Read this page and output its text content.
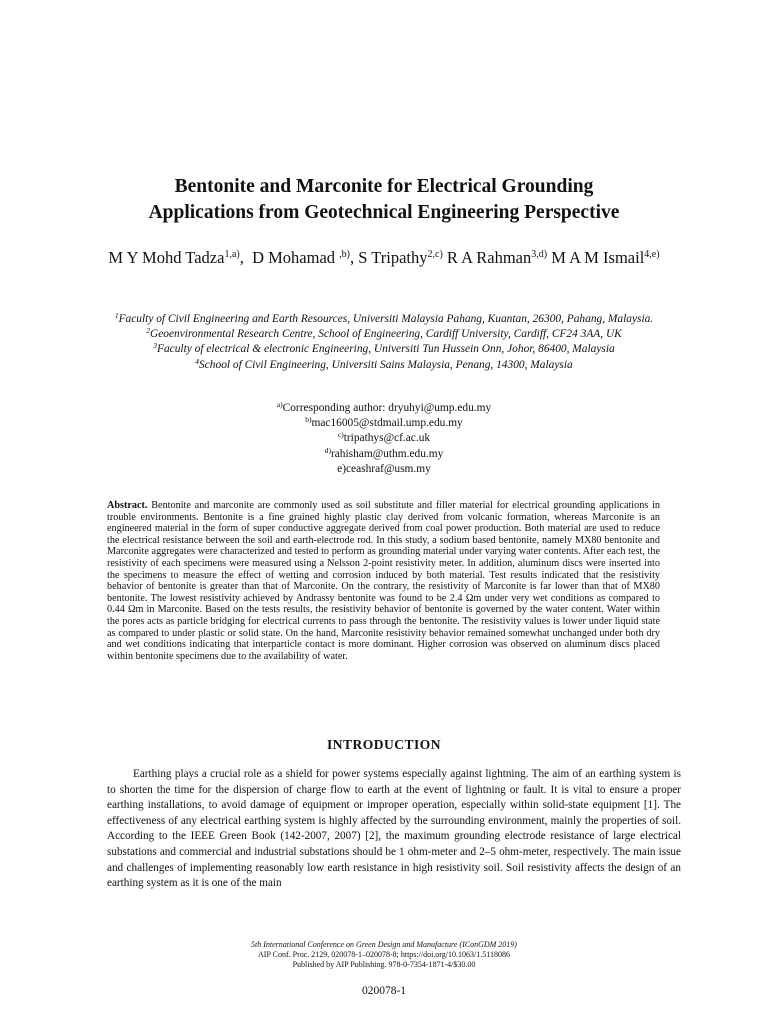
Bentonite and Marconite for Electrical Grounding
Applications from Geotechnical Engineering Perspective
M Y Mohd Tadza$^{1,a)}$,  D Mohamad $^{,b)}$, S Tripathy$^{2,c)}$ R A Rahman$^{3,d)}$ M A M Ismail$^{4,e)}$
$^1$Faculty of Civil Engineering and Earth Resources, Universiti Malaysia Pahang, Kuantan, 26300, Pahang, Malaysia.
$^2$Geoenvironmental Research Centre, School of Engineering, Cardiff University, Cardiff, CF24 3AA, UK
$^3$Faculty of electrical & electronic Engineering, Universiti Tun Hussein Onn, Johor, 86400, Malaysia
$^4$School of Civil Engineering, Universiti Sains Malaysia, Penang, 14300, Malaysia
$^{a)}$Corresponding author: dryuhyi@ump.edu.my
$^{b)}$mac16005@stdmail.ump.edu.my
$^{c)}$tripathys@cf.ac.uk
$^{d)}$rahisham@uthm.edu.my
e)ceashraf@usm.my
Abstract. Bentonite and marconite are commonly used as soil substitute and filler material for electrical grounding applications in trouble environments. Bentonite is a fine grained highly plastic clay derived from volcanic formation, whereas Marconite is an engineered material in the form of super conductive aggregate derived from coal power production. Both material are used to reduce the electrical resistance between the soil and earth-electrode rod. In this study, a sodium based bentonite, namely MX80 bentonite and Marconite aggregates were characterized and tested to perform as grounding material under varying water contents. After each test, the resistivity of each specimens were measured using a Nelsson 2-point resistivity meter. In addition, aluminum discs were inserted into the specimens to measure the effect of wetting and corrosion induced by both material. Test results indicated that the resistivity behavior of bentonite is greater than that of Marconite. On the contrary, the resistivity of Marconite is far lower than that of MX80 bentonite. The lowest resistivity achieved by Andrassy bentonite was found to be 2.4 Ωm under very wet conditions as compared to 0.44 Ωm in Marconite. Based on the tests results, the resistivity behavior of bentonite is governed by the water content. Water within the pores acts as particle bridging for electrical currents to pass through the bentonite. The resistivity values is lower under liquid state as compared to under plastic or solid state. On the hand, Marconite resistivity behavior remained somewhat unchanged under both dry and wet conditions indicating that interparticle contact is more dominant. Higher corrosion was observed on aluminum discs placed within bentonite specimens due to the availability of water.
INTRODUCTION
Earthing plays a crucial role as a shield for power systems especially against lightning. The aim of an earthing system is to shorten the time for the dispersion of charge flow to earth at the event of lightning or fault. It is vital to ensure a proper earthing installations, to avoid damage of equipment or improper operation, especially within solid-state equipment [1]. The effectiveness of any electrical earthing system is highly affected by the surrounding environment, mainly the properties of soil. According to the IEEE Green Book (142-2007, 2007) [2], the maximum grounding electrode resistance of large electrical substations and commercial and industrial substations should be 1 ohm-meter and 2–5 ohm-meter, respectively. The main issue and challenges of implementing reasonably low earth resistance in high resistivity soil. Soil resistivity affects the design of an earthing system as it is one of the main
5th International Conference on Green Design and Manufacture (IConGDM 2019)
AIP Conf. Proc. 2129, 020078-1–020078-8; https://doi.org/10.1063/1.5118086
Published by AIP Publishing. 978-0-7354-1871-4/$30.00
020078-1
